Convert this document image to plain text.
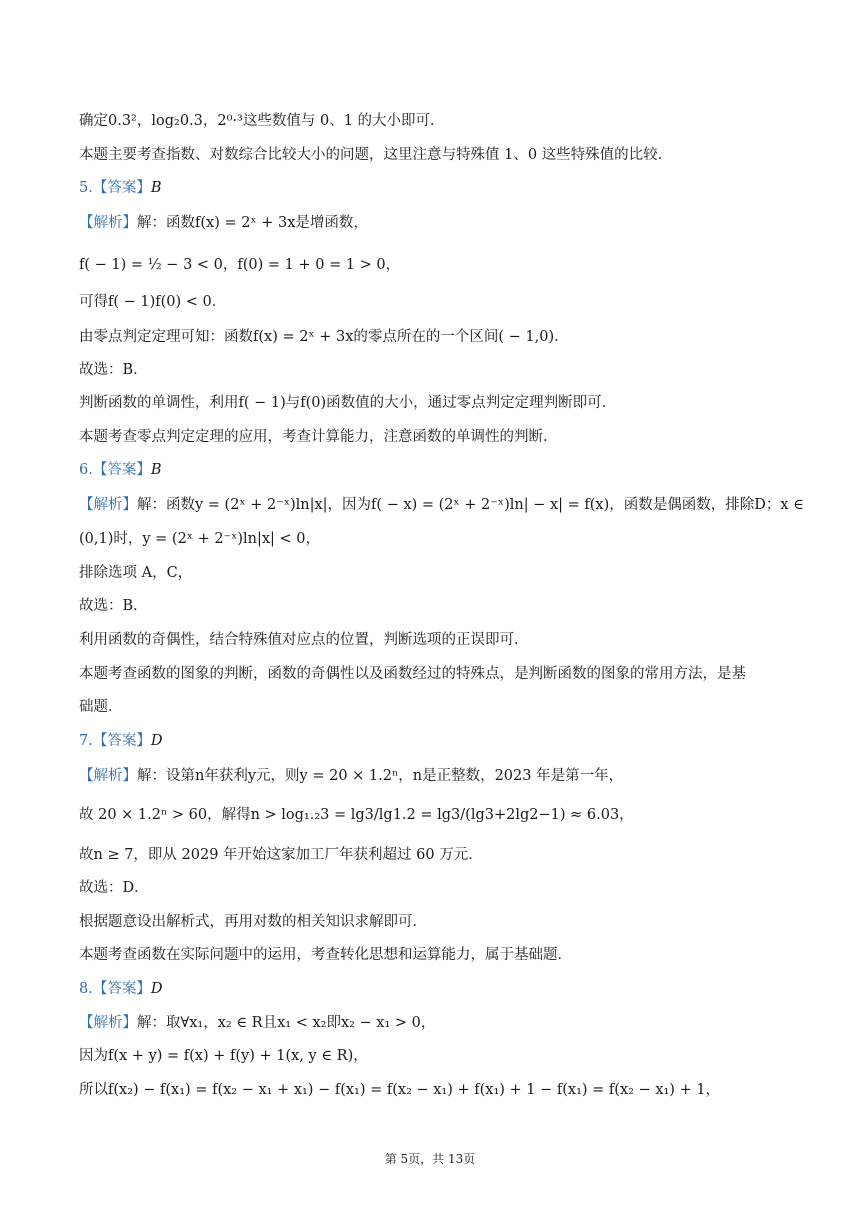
确定0.3²，log₂0.3，2⁰·³这些数值与 0、1 的大小即可．
本题主要考查指数、对数综合比较大小的问题，这里注意与特殊值 1、0 这些特殊值的比较．
5.【答案】B
【解析】解：函数f(x) = 2ˣ + 3x是增函数，
f( − 1) = ½ − 3 < 0，f(0) = 1 + 0 = 1 > 0，
可得f( − 1)f(0) < 0．
由零点判定定理可知：函数f(x) = 2ˣ + 3x的零点所在的一个区间( − 1,0)．
故选：B．
判断函数的单调性，利用f( − 1)与f(0)函数值的大小，通过零点判定定理判断即可．
本题考查零点判定定理的应用，考查计算能力，注意函数的单调性的判断．
6.【答案】B
【解析】解：函数y = (2ˣ + 2⁻ˣ)ln|x|，因为f( − x) = (2ˣ + 2⁻ˣ)ln| − x| = f(x)，函数是偶函数，排除D；x ∈
(0,1)时，y = (2ˣ + 2⁻ˣ)ln|x| < 0，
排除选项 A，C，
故选：B．
利用函数的奇偶性，结合特殊值对应点的位置，判断选项的正误即可．
本题考查函数的图象的判断，函数的奇偶性以及函数经过的特殊点，是判断函数的图象的常用方法，是基
础题．
7.【答案】D
【解析】解：设第n年获利y元，则y = 20 × 1.2ⁿ，n是正整数，2023 年是第一年，
故 20 × 1.2ⁿ > 60，解得n > log₁.₂3 = lg3/lg1.2 = lg3/(lg3+2lg2−1) ≈ 6.03，
故n ≥ 7，即从 2029 年开始这家加工厂年获利超过 60 万元．
故选：D．
根据题意设出解析式，再用对数的相关知识求解即可．
本题考查函数在实际问题中的运用，考查转化思想和运算能力，属于基础题．
8.【答案】D
【解析】解：取∀x₁，x₂ ∈ R且x₁ < x₂即x₂ − x₁ > 0，
因为f(x + y) = f(x) + f(y) + 1(x, y ∈ R)，
所以f(x₂) − f(x₁) = f(x₂ − x₁ + x₁) − f(x₁) = f(x₂ − x₁) + f(x₁) + 1 − f(x₁) = f(x₂ − x₁) + 1，
第 5页，共 13页
